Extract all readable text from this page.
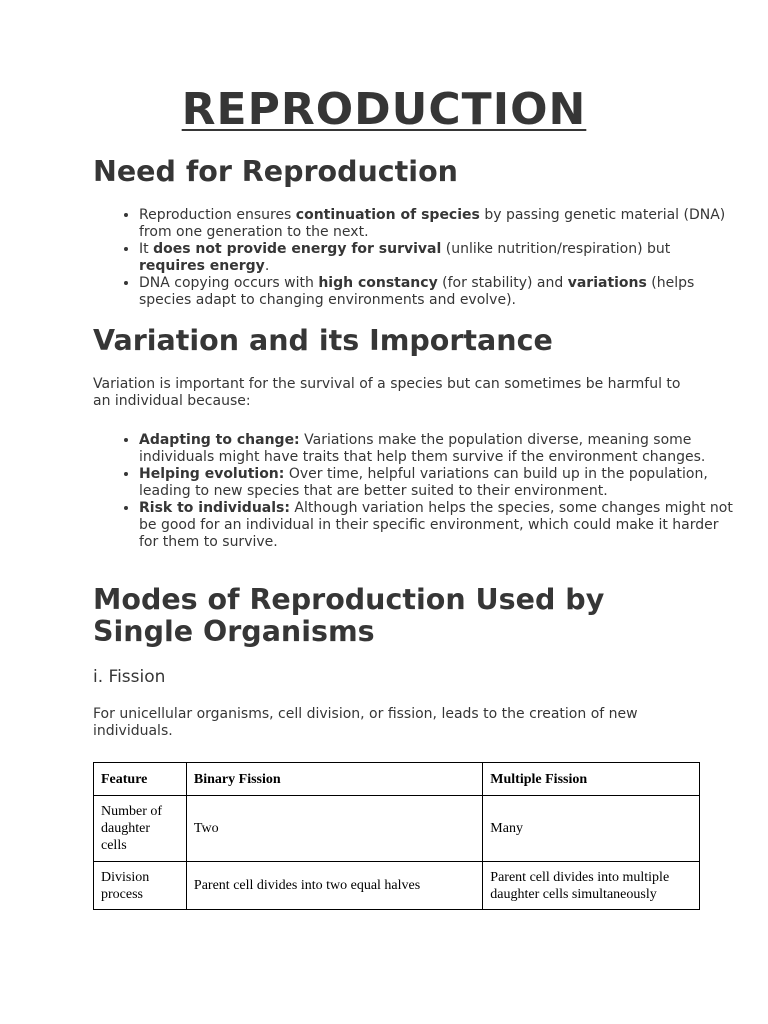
REPRODUCTION
Need for Reproduction
• Reproduction ensures continuation of species by passing genetic material (DNA) from one generation to the next.
• It does not provide energy for survival (unlike nutrition/respiration) but requires energy.
• DNA copying occurs with high constancy (for stability) and variations (helps species adapt to changing environments and evolve).
Variation and its Importance

Variation is important for the survival of a species but can sometimes be harmful to an individual because:

• Adapting to change: Variations make the population diverse, meaning some individuals might have traits that help them survive if the environment changes.
• Helping evolution: Over time, helpful variations can build up in the population, leading to new species that are better suited to their environment.
• Risk to individuals: Although variation helps the species, some changes might not be good for an individual in their specific environment, which could make it harder for them to survive.
Modes of Reproduction Used by
Single Organisms
i. Fission

For unicellular organisms, cell division, or fission, leads to the creation of new individuals.

Feature	Binary Fission	Multiple Fission
Number of daughter cells	Two	Many
Division process	Parent cell divides into two equal halves	Parent cell divides into multiple daughter cells simultaneously
